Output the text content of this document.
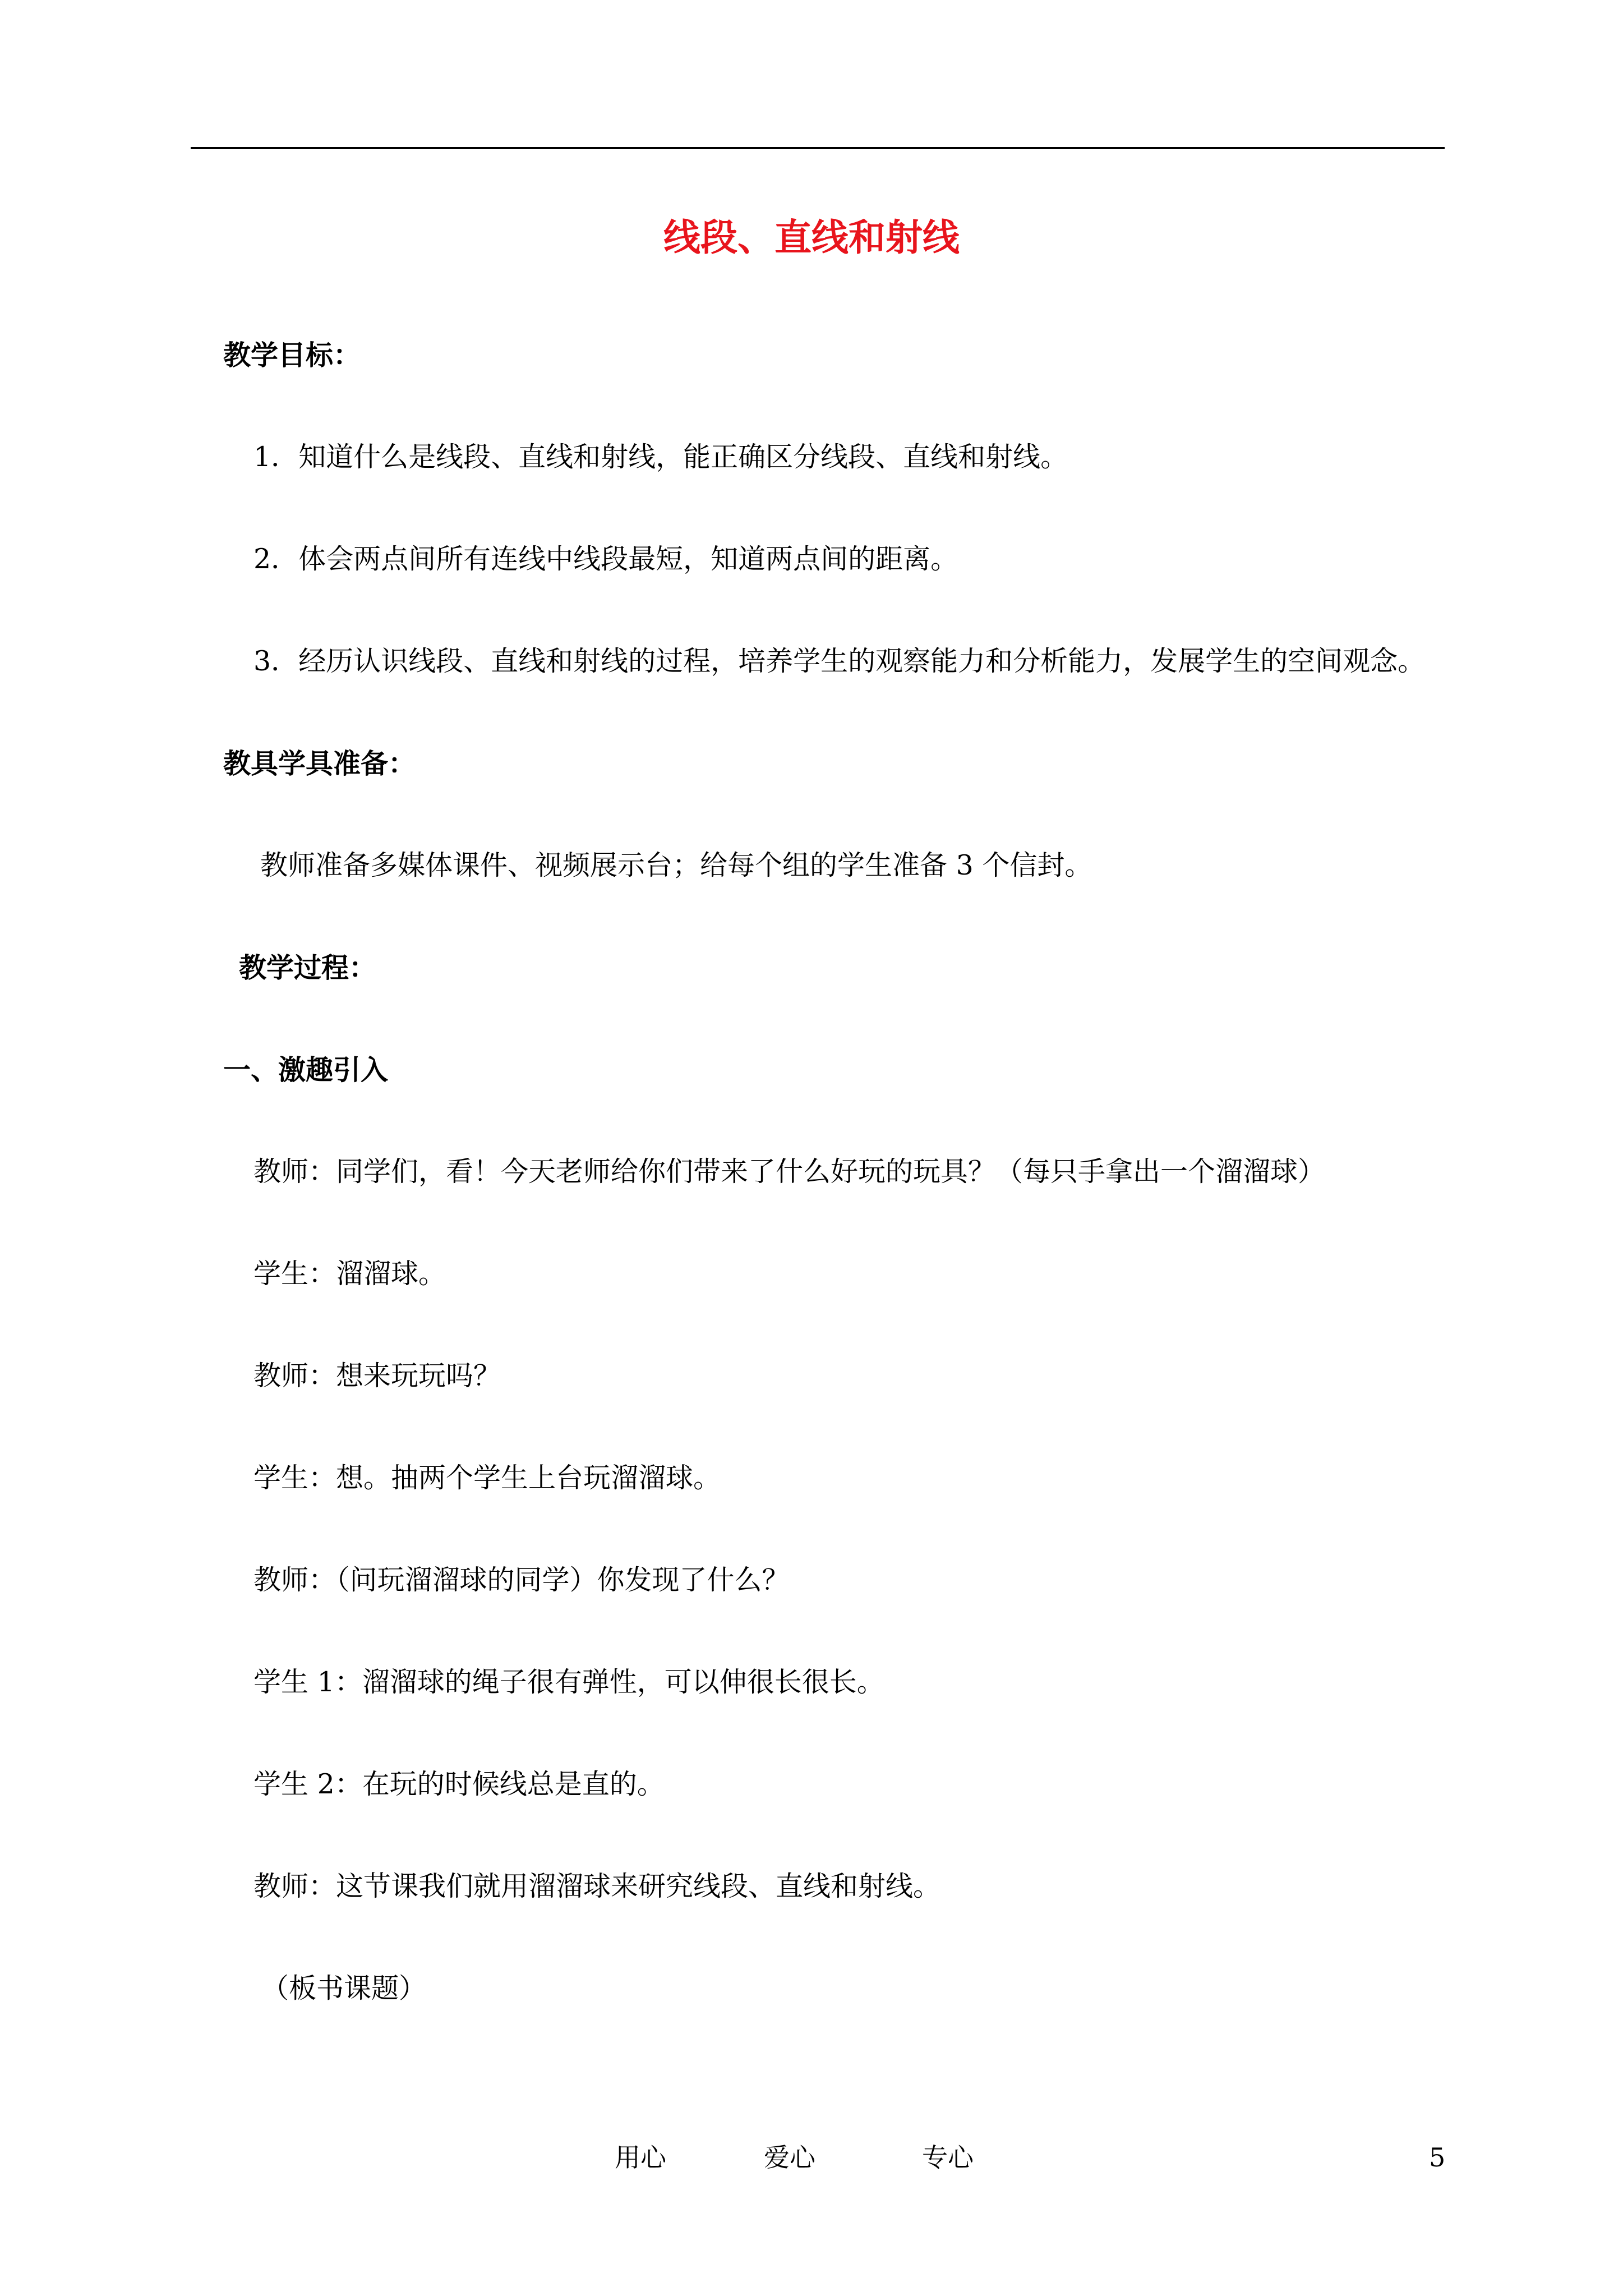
线段、直线和射线
教学目标：
1．知道什么是线段、直线和射线，能正确区分线段、直线和射线。
2．体会两点间所有连线中线段最短，知道两点间的距离。
3．经历认识线段、直线和射线的过程，培养学生的观察能力和分析能力，发展学生的空间观念。
教具学具准备：
教师准备多媒体课件、视频展示台；给每个组的学生准备 3 个信封。
教学过程：
一、激趣引入
教师：同学们，看！今天老师给你们带来了什么好玩的玩具？（每只手拿出一个溜溜球）
学生：溜溜球。
教师：想来玩玩吗？
学生：想。抽两个学生上台玩溜溜球。
教师：（问玩溜溜球的同学）你发现了什么？
学生 1：溜溜球的绳子很有弹性，可以伸很长很长。
学生 2：在玩的时候线总是直的。
教师：这节课我们就用溜溜球来研究线段、直线和射线。
（板书课题）
用心	爱心	专心	5
